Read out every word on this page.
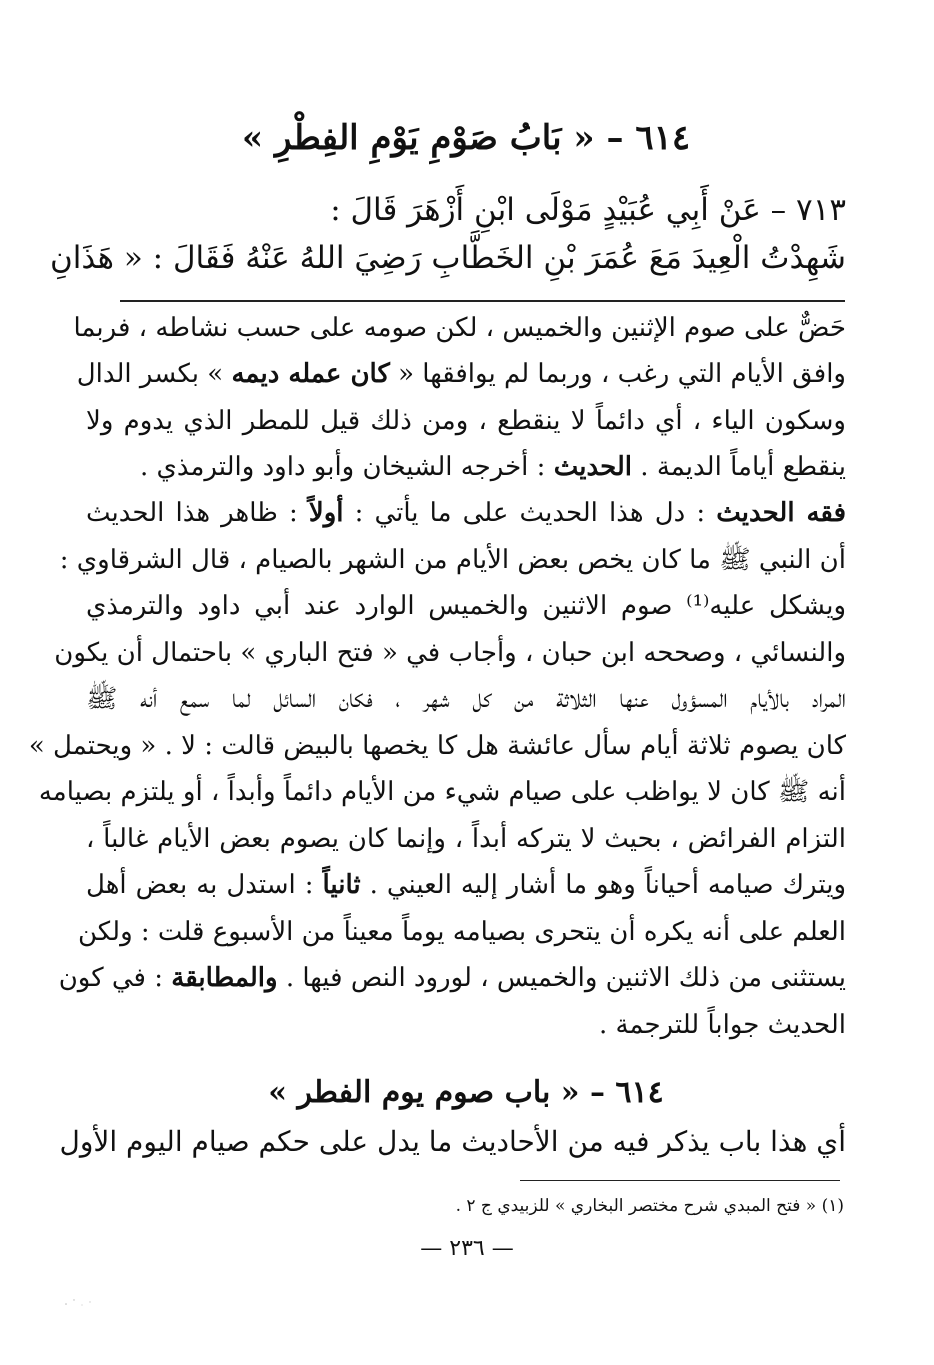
٦١٤ – « بَابُ صَوْمِ يَوْمِ الفِطْرِ »
٧١٣ – عَنْ أَبِي عُبَيْدٍ مَوْلَى ابْنِ أَزْهَرَ قَالَ :
شَهِدْتُ الْعِيدَ مَعَ عُمَرَ بْنِ الخَطَّابِ رَضِيَ اللهُ عَنْهُ فَقَالَ : « هَذَانِ
حَضٌّ على صوم الإثنين والخميس ، لكن صومه على حسب نشاطه ، فربما
وافق الأيام التي رغب ، وربما لم يوافقها « كان عمله ديمه » بكسر الدال
وسكون الياء ، أي دائماً لا ينقطع ، ومن ذلك قيل للمطر الذي يدوم ولا
ينقطع أياماً الديمة . الحديث : أخرجه الشيخان وأبو داود والترمذي .
فقه الحديث : دل هذا الحديث على ما يأتي : أولاً : ظاهر هذا الحديث
أن النبي ﷺ ما كان يخص بعض الأيام من الشهر بالصيام ، قال الشرقاوي :
ويشكل عليه⁽¹⁾ صوم الاثنين والخميس الوارد عند أبي داود والترمذي
والنسائي ، وصححه ابن حبان ، وأجاب في « فتح الباري » باحتمال أن يكون
المراد بالأيام المسؤول عنها الثلاثة من كل شهر ، فكان السائل لما سمع أنه ﷺ
كان يصوم ثلاثة أيام سأل عائشة هل كا يخصها بالبيض قالت : لا . « ويحتمل »
أنه ﷺ كان لا يواظب على صيام شيء من الأيام دائماً وأبداً ، أو يلتزم بصيامه
التزام الفرائض ، بحيث لا يتركه أبداً ، وإنما كان يصوم بعض الأيام غالباً ،
ويترك صيامه أحياناً وهو ما أشار إليه العيني . ثانياً : استدل به بعض أهل
العلم على أنه يكره أن يتحرى بصيامه يوماً معيناً من الأسبوع قلت : ولكن
يستثنى من ذلك الاثنين والخميس ، لورود النص فيها . والمطابقة : في كون
الحديث جواباً للترجمة .
٦١٤ – « باب صوم يوم الفطر »
أي هذا باب يذكر فيه من الأحاديث ما يدل على حكم صيام اليوم الأول
(١) « فتح المبدي شرح مختصر البخاري » للزبيدي ج ٢ .
— ٢٣٦ —
